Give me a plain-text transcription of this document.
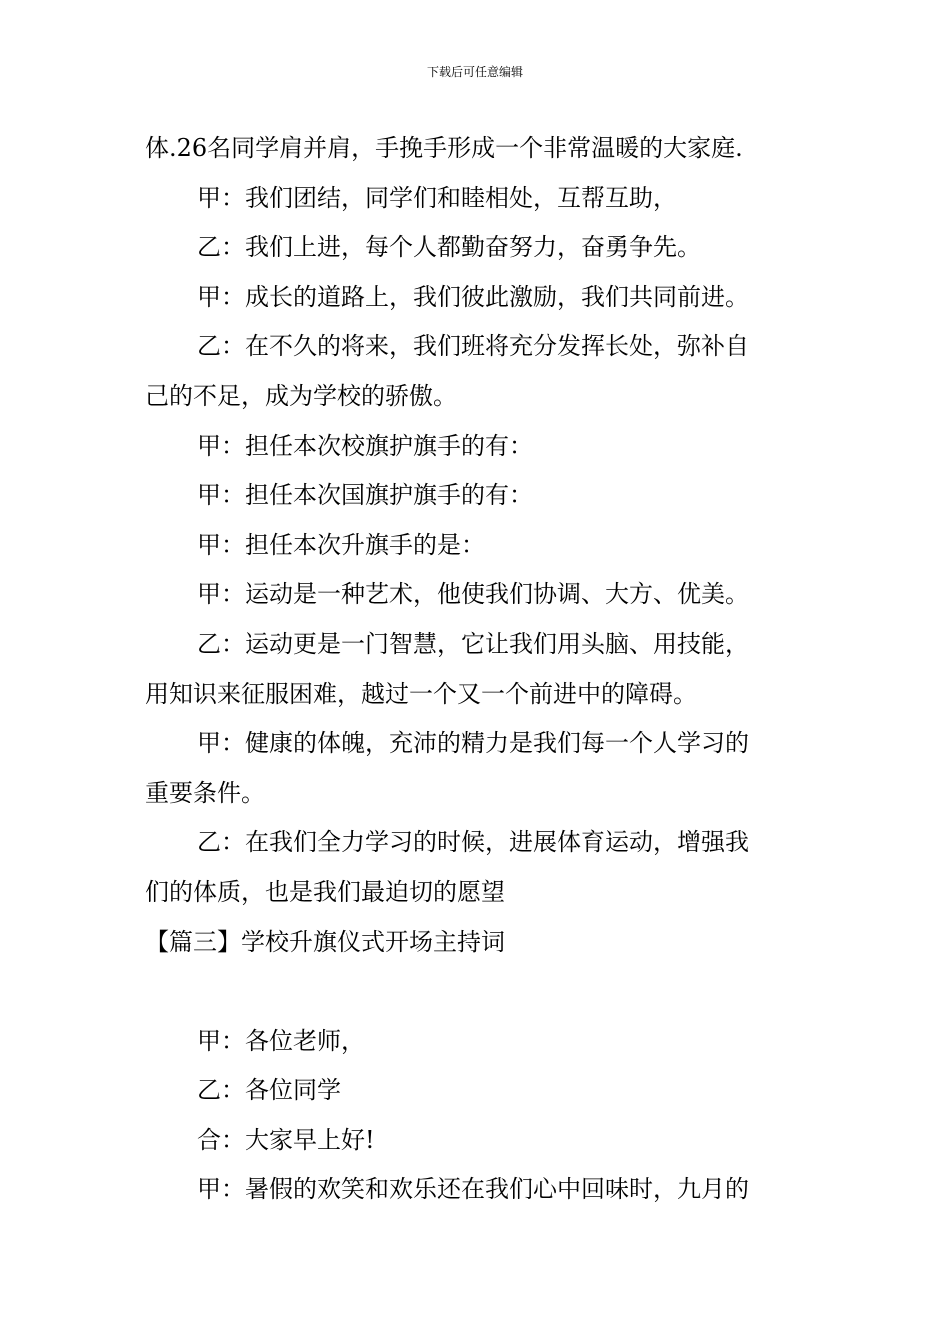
下载后可任意编辑
体.26名同学肩并肩，手挽手形成一个非常温暖的大家庭.
甲：我们团结，同学们和睦相处，互帮互助，
乙：我们上进，每个人都勤奋努力，奋勇争先。
甲：成长的道路上，我们彼此激励，我们共同前进。
乙：在不久的将来，我们班将充分发挥长处，弥补自
己的不足，成为学校的骄傲。
甲：担任本次校旗护旗手的有：
甲：担任本次国旗护旗手的有：
甲：担任本次升旗手的是：
甲：运动是一种艺术，他使我们协调、大方、优美。
乙：运动更是一门智慧，它让我们用头脑、用技能，
用知识来征服困难，越过一个又一个前进中的障碍。
甲：健康的体魄，充沛的精力是我们每一个人学习的
重要条件。
乙：在我们全力学习的时候，进展体育运动，增强我
们的体质，也是我们最迫切的愿望
【篇三】学校升旗仪式开场主持词
甲：各位老师，
乙：各位同学
合：大家早上好!
甲：暑假的欢笑和欢乐还在我们心中回味时，九月的
